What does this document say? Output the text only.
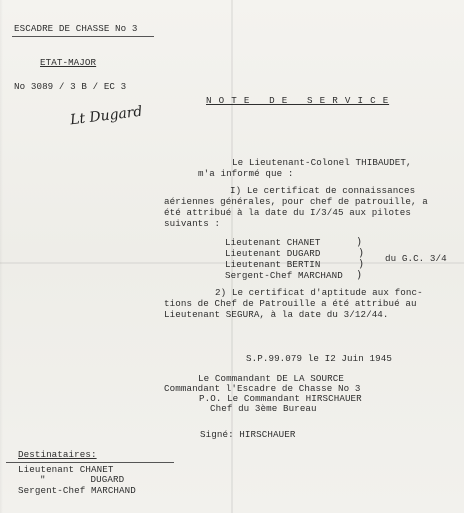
ESCADRE DE CHASSE No 3
ETAT-MAJOR
No 3089 / 3 B / EC 3
Lt Dugard
N O T E   D E   S E R V I C E
Le Lieutenant-Colonel THIBAUDET,
m'a informé que :
I) Le certificat de connaissances
aériennes générales, pour chef de patrouille, a
été attribué à la date du I/3/45 aux pilotes
suivants :
Lieutenant CHANET
Lieutenant DUGARD
Lieutenant BERTIN
Sergent-Chef MARCHAND
)
)
)
)
du G.C. 3/4
2) Le certificat d'aptitude aux fonc-
tions de Chef de Patrouille a été attribué au
Lieutenant SEGURA, à la date du 3/12/44.
S.P.99.079 le I2 Juin 1945
Le Commandant DE LA SOURCE
Commandant l'Escadre de Chasse No 3
P.O. Le Commandant HIRSCHAUER
Chef du 3ème Bureau
Signé: HIRSCHAUER
Destinataires:
Lieutenant CHANET
"        DUGARD
Sergent-Chef MARCHAND
